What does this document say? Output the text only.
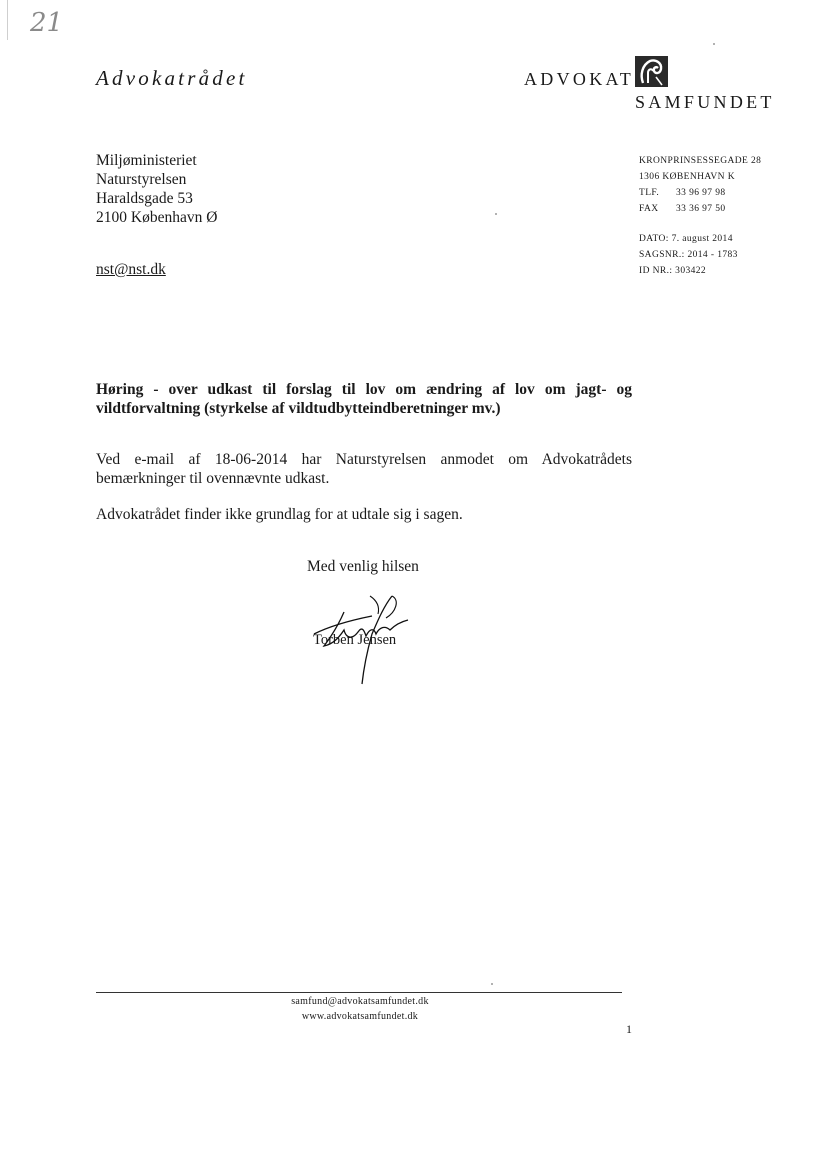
21
Advokatrådet	ADVOKAT
SAMFUNDET
Miljøministeriet
Naturstyrelsen
Haraldsgade 53
2100 København Ø
nst@nst.dk
KRONPRINSESSEGADE 28
1306 KØBENHAVN K
TLF. 33 96 97 98
FAX 33 36 97 50
DATO: 7. august 2014
SAGSNR.: 2014 - 1783
ID NR.: 303422
Høring - over udkast til forslag til lov om ændring af lov om jagt- og vildtforvaltning (styrkelse af vildtudbytteindberetninger mv.)
Ved e-mail af 18-06-2014 har Naturstyrelsen anmodet om Advokatrådets bemærkninger til ovennævnte udkast.
Advokatrådet finder ikke grundlag for at udtale sig i sagen.
Med venlig hilsen
Torben Jensen
samfund@advokatsamfundet.dk
www.advokatsamfundet.dk
1
